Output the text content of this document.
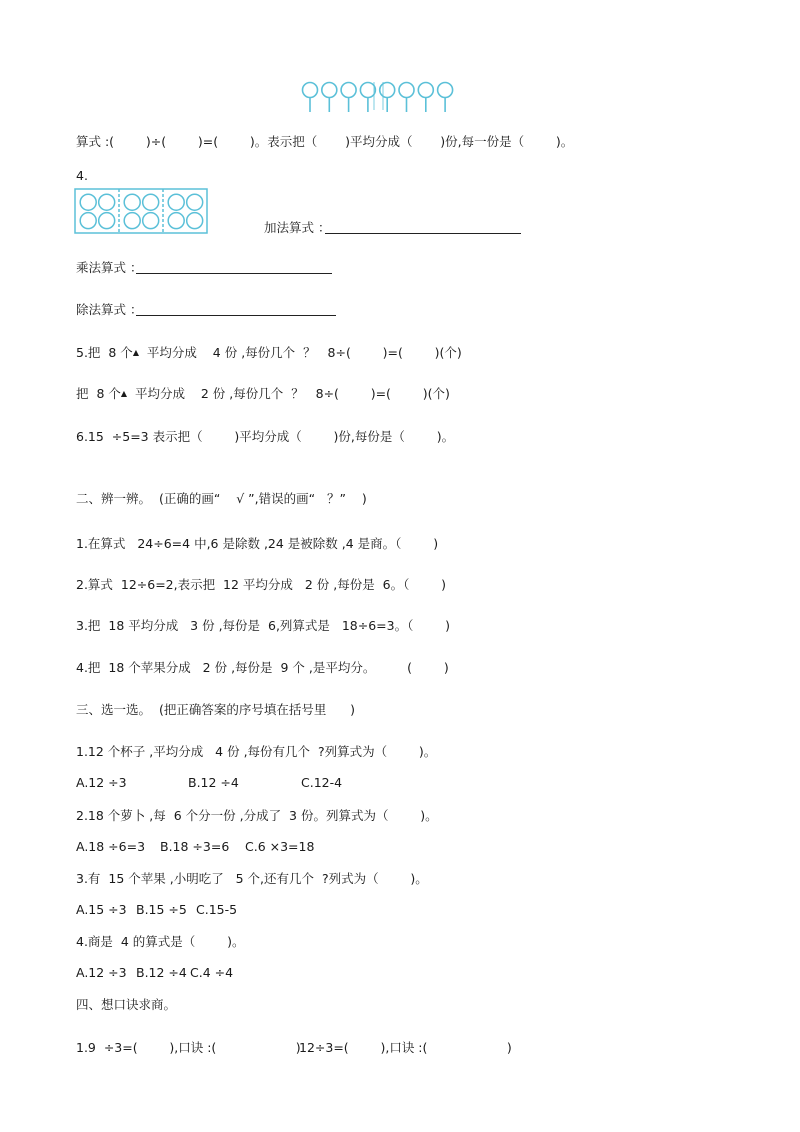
算式 :(        )÷(        )=(        )。表示把（       )平均分成（       )份,每一份是（        )。
4.
加法算式 ：
乘法算式 ：
除法算式 ：
5.把  8 个▲  平均分成    4 份 ,每份几个  ？   8÷(        )=(        )(个)
把  8 个▲  平均分成    2 份 ,每份几个  ？   8÷(        )=(        )(个)
6.15  ÷5=3 表示把（        )平均分成（        )份,每份是（        )。
二、辨一辨。  (正确的画“    √ ”,错误的画“   ？”    )
1.在算式   24÷6=4 中,6 是除数 ,24 是被除数 ,4 是商。（        )
2.算式  12÷6=2,表示把  12 平均分成   2 份 ,每份是  6。（        )
3.把  18 平均分成   3 份 ,每份是  6,列算式是   18÷6=3。（        )
4.把  18 个苹果分成   2 份 ,每份是  9 个 ,是平均分。        (        )
三、选一选。  (把正确答案的序号填在括号里      )
1.12 个杯子 ,平均分成   4 份 ,每份有几个  ?列算式为（        )。
A.12 ÷3	B.12 ÷4	C.12-4
2.18 个萝卜 ,每  6 个分一份 ,分成了  3 份。列算式为（        )。
A.18 ÷6=3 B.18 ÷3=6 C.6 ×3=18
3.有  15 个苹果 ,小明吃了   5 个,还有几个  ?列式为（        )。
A.15 ÷3 B.15 ÷5 C.15-5
4.商是  4 的算式是（        )。
A.12 ÷3 B.12 ÷4 C.4 ÷4
四、想口诀求商。
1.9  ÷3=(        ),口诀 :(                    )
12÷3=(        ),口诀 :(                    )
